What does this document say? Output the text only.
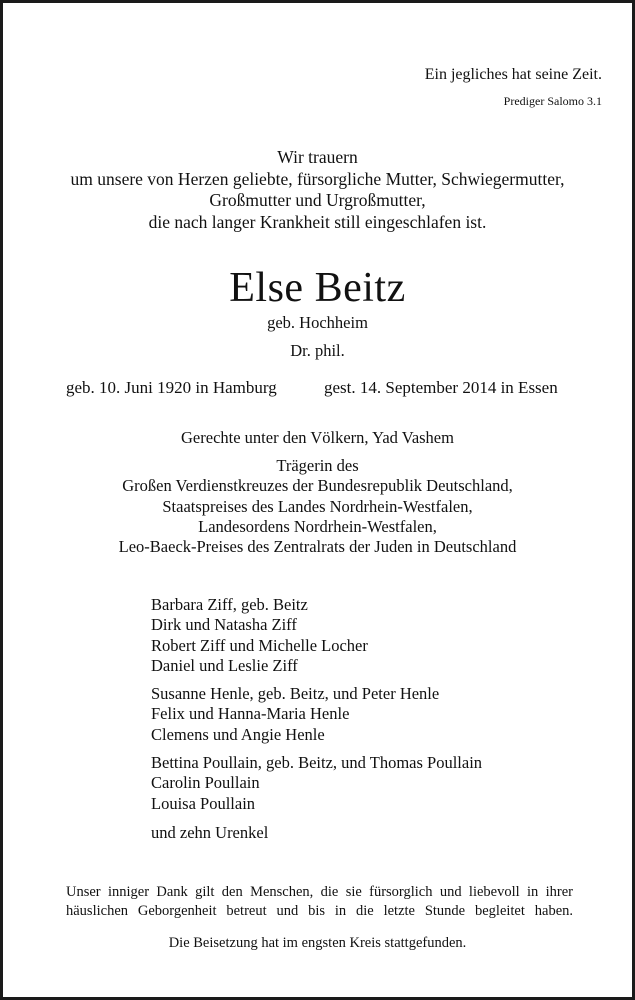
Ein jegliches hat seine Zeit.
Prediger Salomo 3.1
Wir trauern
um unsere von Herzen geliebte, fürsorgliche Mutter, Schwiegermutter,
Großmutter und Urgroßmutter,
die nach langer Krankheit still eingeschlafen ist.
Else Beitz
geb. Hochheim
Dr. phil.
geb. 10. Juni 1920 in Hamburg	gest. 14. September 2014 in Essen
Gerechte unter den Völkern, Yad Vashem
Trägerin des
Großen Verdienstkreuzes der Bundesrepublik Deutschland,
Staatspreises des Landes Nordrhein-Westfalen,
Landesordens Nordrhein-Westfalen,
Leo-Baeck-Preises des Zentralrats der Juden in Deutschland
Barbara Ziff, geb. Beitz
Dirk und Natasha Ziff
Robert Ziff und Michelle Locher
Daniel und Leslie Ziff
Susanne Henle, geb. Beitz, und Peter Henle
Felix und Hanna-Maria Henle
Clemens und Angie Henle
Bettina Poullain, geb. Beitz, und Thomas Poullain
Carolin Poullain
Louisa Poullain
und zehn Urenkel
Unser inniger Dank gilt den Menschen, die sie fürsorglich und liebevoll in ihrer
häuslichen Geborgenheit betreut und bis in die letzte Stunde begleitet haben.
Die Beisetzung hat im engsten Kreis stattgefunden.
